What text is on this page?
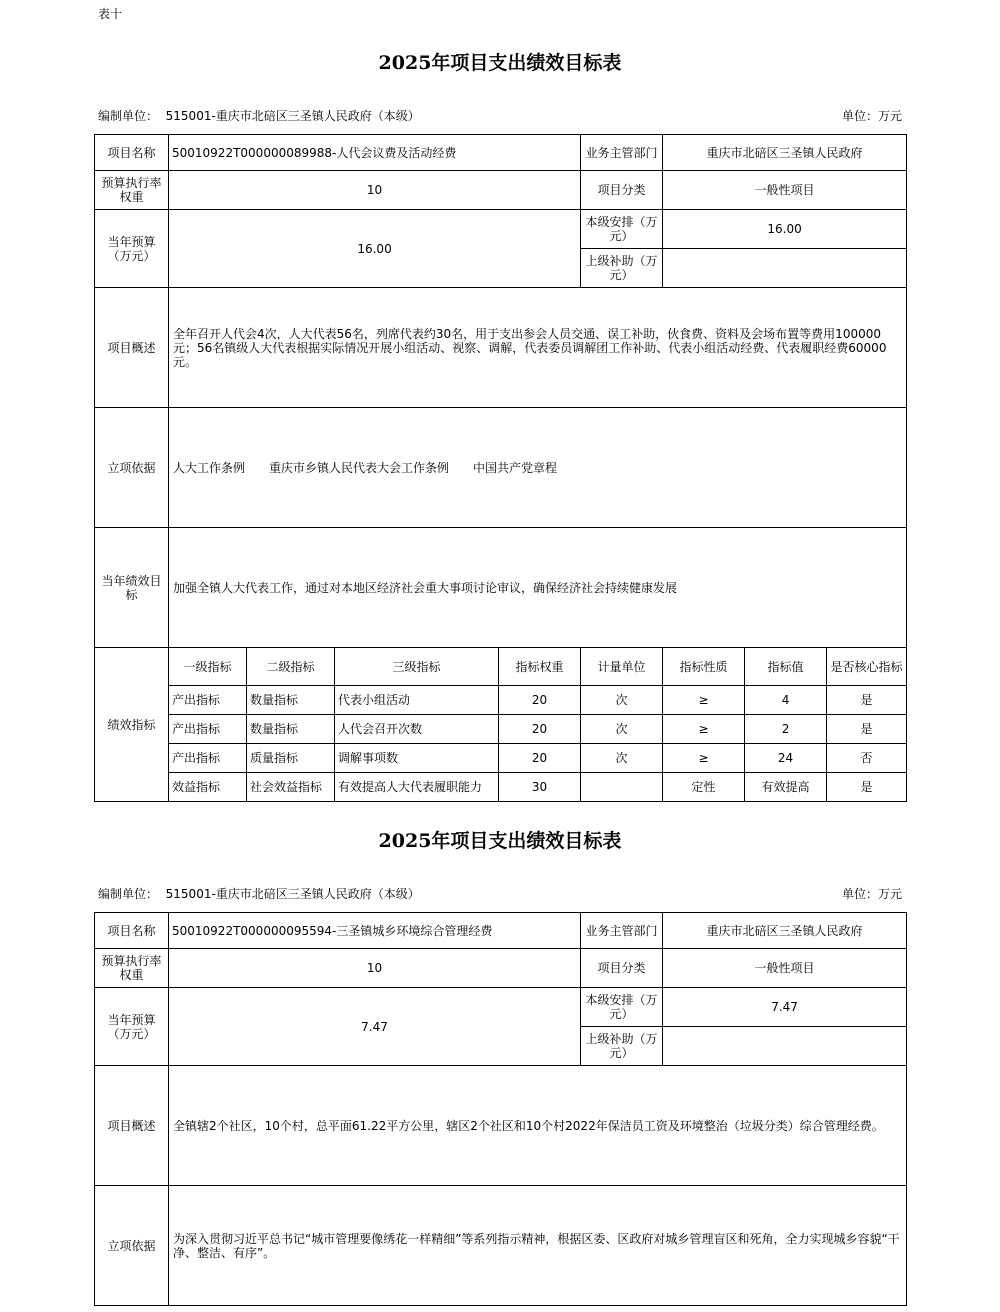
表十
2025年项目支出绩效目标表
编制单位： 515001-重庆市北碚区三圣镇人民政府（本级）	单位：万元
项目名称	50010922T000000089988-人代会议费及活动经费				业务主管部门	重庆市北碚区三圣镇人民政府		
预算执行率权重	10				项目分类	一般性项目		
当年预算（万元）	16.00				本级安排（万元）	16.00		
					上级补助（万元）			
项目概述	全年召开人代会4次，人大代表56名，列席代表约30名，用于支出参会人员交通、误工补助，伙食费、资料及会场布置等费用100000元；56名镇级人大代表根据实际情况开展小组活动、视察、调解，代表委员调解团工作补助、代表小组活动经费、代表履职经费60000元。							
立项依据	人大工作条例　　重庆市乡镇人民代表大会工作条例　　中国共产党章程							
当年绩效目标	加强全镇人大代表工作，通过对本地区经济社会重大事项讨论审议，确保经济社会持续健康发展							
绩效指标	一级指标	二级指标	三级指标	指标权重	计量单位	指标性质	指标值	是否核心指标
	产出指标	数量指标	代表小组活动	20	次	≥	4	是
	产出指标	数量指标	人代会召开次数	20	次	≥	2	是
	产出指标	质量指标	调解事项数	20	次	≥	24	否
	效益指标	社会效益指标	有效提高人大代表履职能力	30		定性	有效提高	是
2025年项目支出绩效目标表
编制单位： 515001-重庆市北碚区三圣镇人民政府（本级）	单位：万元
项目名称	50010922T000000095594-三圣镇城乡环境综合管理经费	业务主管部门	重庆市北碚区三圣镇人民政府
预算执行率权重	10	项目分类	一般性项目
当年预算（万元）	7.47	本级安排（万元）	7.47
		上级补助（万元）	
项目概述	全镇辖2个社区，10个村，总平面61.22平方公里，辖区2个社区和10个村2022年保洁员工资及环境整治（垃圾分类）综合管理经费。		
立项依据	为深入贯彻习近平总书记“城市管理要像绣花一样精细”等系列指示精神，根据区委、区政府对城乡管理盲区和死角，全力实现城乡容貌“干净、整洁、有序”。		
